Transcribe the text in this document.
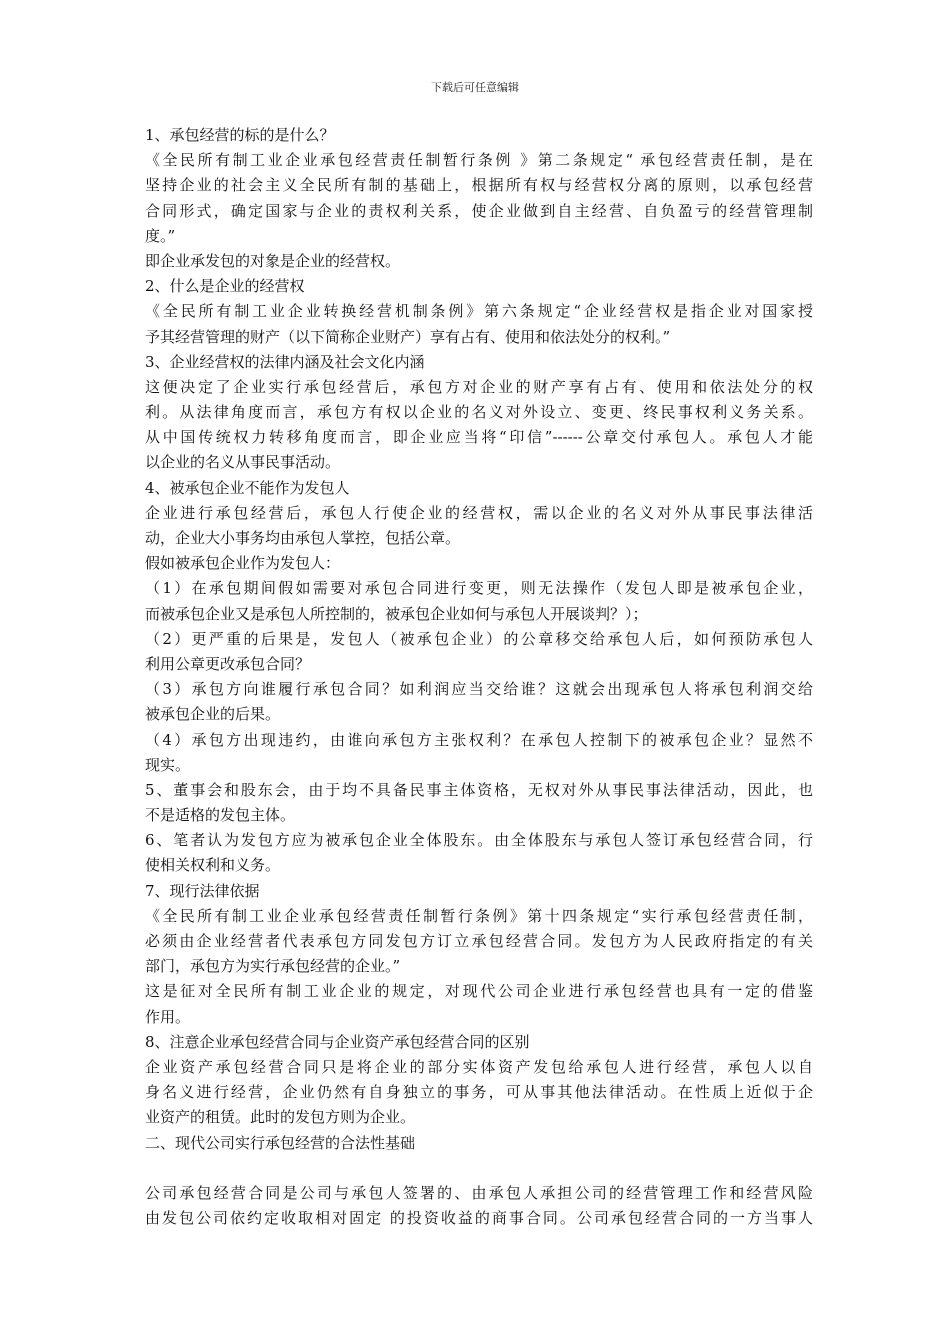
下载后可任意编辑
1、承包经营的标的是什么？
《全民所有制工业企业承包经营责任制暂行条例 》第二条规定“ 承包经营责任制，是在
坚持企业的社会主义全民所有制的基础上，根据所有权与经营权分离的原则，以承包经营
合同形式，确定国家与企业的责权利关系，使企业做到自主经营、自负盈亏的经营管理制
度。”
即企业承发包的对象是企业的经营权。
2、什么是企业的经营权
《全民所有制工业企业转换经营机制条例》第六条规定“企业经营权是指企业对国家授
予其经营管理的财产（以下简称企业财产）享有占有、使用和依法处分的权利。”
3、企业经营权的法律内涵及社会文化内涵
这便决定了企业实行承包经营后，承包方对企业的财产享有占有、使用和依法处分的权
利。从法律角度而言，承包方有权以企业的名义对外设立、变更、终民事权利义务关系。
从中国传统权力转移角度而言，即企业应当将“印信”------公章交付承包人。承包人才能
以企业的名义从事民事活动。
4、被承包企业不能作为发包人
企业进行承包经营后，承包人行使企业的经营权，需以企业的名义对外从事民事法律活
动，企业大小事务均由承包人掌控，包括公章。
假如被承包企业作为发包人：
（1）在承包期间假如需要对承包合同进行变更，则无法操作（发包人即是被承包企业，
而被承包企业又是承包人所控制的，被承包企业如何与承包人开展谈判？）；
（2）更严重的后果是，发包人（被承包企业）的公章移交给承包人后，如何预防承包人
利用公章更改承包合同？
（3）承包方向谁履行承包合同？如利润应当交给谁？这就会出现承包人将承包利润交给
被承包企业的后果。
（4）承包方出现违约，由谁向承包方主张权利？在承包人控制下的被承包企业？显然不
现实。
5、董事会和股东会，由于均不具备民事主体资格，无权对外从事民事法律活动，因此，也
不是适格的发包主体。
6、笔者认为发包方应为被承包企业全体股东。由全体股东与承包人签订承包经营合同，行
使相关权利和义务。
7、现行法律依据
《全民所有制工业企业承包经营责任制暂行条例》第十四条规定“实行承包经营责任制，
必须由企业经营者代表承包方同发包方订立承包经营合同。发包方为人民政府指定的有关
部门，承包方为实行承包经营的企业。”
这是征对全民所有制工业企业的规定，对现代公司企业进行承包经营也具有一定的借鉴
作用。
8、注意企业承包经营合同与企业资产承包经营合同的区别
企业资产承包经营合同只是将企业的部分实体资产发包给承包人进行经营，承包人以自
身名义进行经营，企业仍然有自身独立的事务，可从事其他法律活动。在性质上近似于企
业资产的租赁。此时的发包方则为企业。
二、现代公司实行承包经营的合法性基础
公司承包经营合同是公司与承包人签署的、由承包人承担公司的经营管理工作和经营风险
由发包公司依约定收取相对固定 的投资收益的商事合同。公司承包经营合同的一方当事人
